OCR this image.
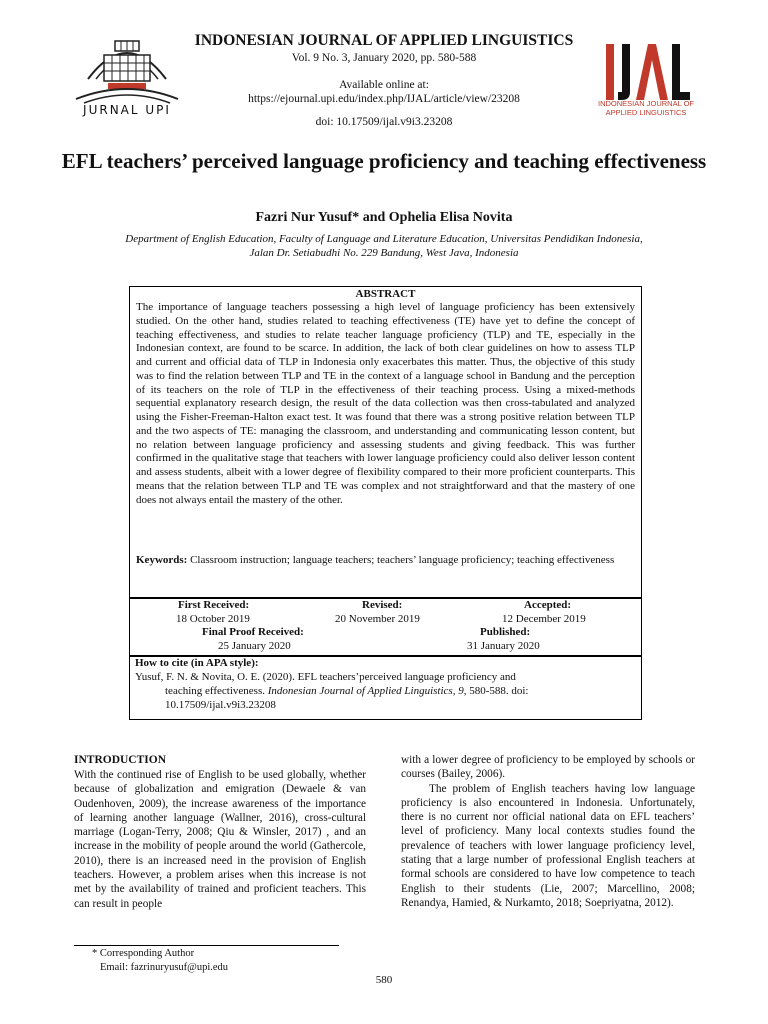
JURNAL UPI
INDONESIAN JOURNAL OF APPLIED LINGUISTICS
Vol. 9 No. 3, January 2020, pp. 580-588
Available online at:
https://ejournal.upi.edu/index.php/IJAL/article/view/23208
doi: 10.17509/ijal.v9i3.23208
INDONESIAN JOURNAL OF APPLIED LINGUISTICS
EFL teachers’ perceived language proficiency and teaching effectiveness
Fazri Nur Yusuf* and Ophelia Elisa Novita
Department of English Education, Faculty of Language and Literature Education, Universitas Pendidikan Indonesia,
Jalan Dr. Setiabudhi No. 229 Bandung, West Java, Indonesia
ABSTRACT
The importance of language teachers possessing a high level of language proficiency has been extensively studied. On the other hand, studies related to teaching effectiveness (TE) have yet to define the concept of teaching effectiveness, and studies to relate teacher language proficiency (TLP) and TE, especially in the Indonesian context, are found to be scarce. In addition, the lack of both clear guidelines on how to assess TLP and current and official data of TLP in Indonesia only exacerbates this matter. Thus, the objective of this study was to find the relation between TLP and TE in the context of a language school in Bandung and the perception of its teachers on the role of TLP in the effectiveness of their teaching process. Using a mixed-methods sequential explanatory research design, the result of the data collection was then cross-tabulated and analyzed using the Fisher-Freeman-Halton exact test. It was found that there was a strong positive relation between TLP and the two aspects of TE: managing the classroom, and understanding and communicating lesson content, but no relation between language proficiency and assessing students and giving feedback. This was further confirmed in the qualitative stage that teachers with lower language proficiency could also deliver lesson content and assess students, albeit with a lower degree of flexibility compared to their more proficient counterparts. This means that the relation between TLP and TE was complex and not straightforward and that the mastery of one does not always entail the mastery of the other.
Keywords: Classroom instruction; language teachers; teachers’ language proficiency; teaching effectiveness
First Received:
18 October 2019
Revised:
20 November 2019
Accepted:
12 December 2019
Final Proof Received:
25 January 2020
Published:
31 January 2020
How to cite (in APA style):
Yusuf, F. N. & Novita, O. E. (2020). EFL teachers’perceived language proficiency and
teaching effectiveness. Indonesian Journal of Applied Linguistics, 9, 580-588. doi:
10.17509/ijal.v9i3.23208
INTRODUCTION
With the continued rise of English to be used globally, whether because of globalization and emigration (Dewaele & van Oudenhoven, 2009), the increase awareness of the importance of learning another language (Wallner, 2016), cross-cultural marriage (Logan-Terry, 2008; Qiu & Winsler, 2017) , and an increase in the mobility of people around the world (Gathercole, 2010), there is an increased need in the provision of English teachers. However, a problem arises when this increase is not met by the availability of trained and proficient teachers. This can result in people
with a lower degree of proficiency to be employed by schools or courses (Bailey, 2006).
The problem of English teachers having low language proficiency is also encountered in Indonesia. Unfortunately, there is no current nor official national data on EFL teachers’ level of proficiency. Many local contexts studies found the prevalence of teachers with lower language proficiency level, stating that a large number of professional English teachers at formal schools are considered to have low competence to teach English to their students (Lie, 2007; Marcellino, 2008; Renandya, Hamied, & Nurkamto, 2018; Soepriyatna, 2012).
* Corresponding Author
Email: fazrinuryusuf@upi.edu
580
